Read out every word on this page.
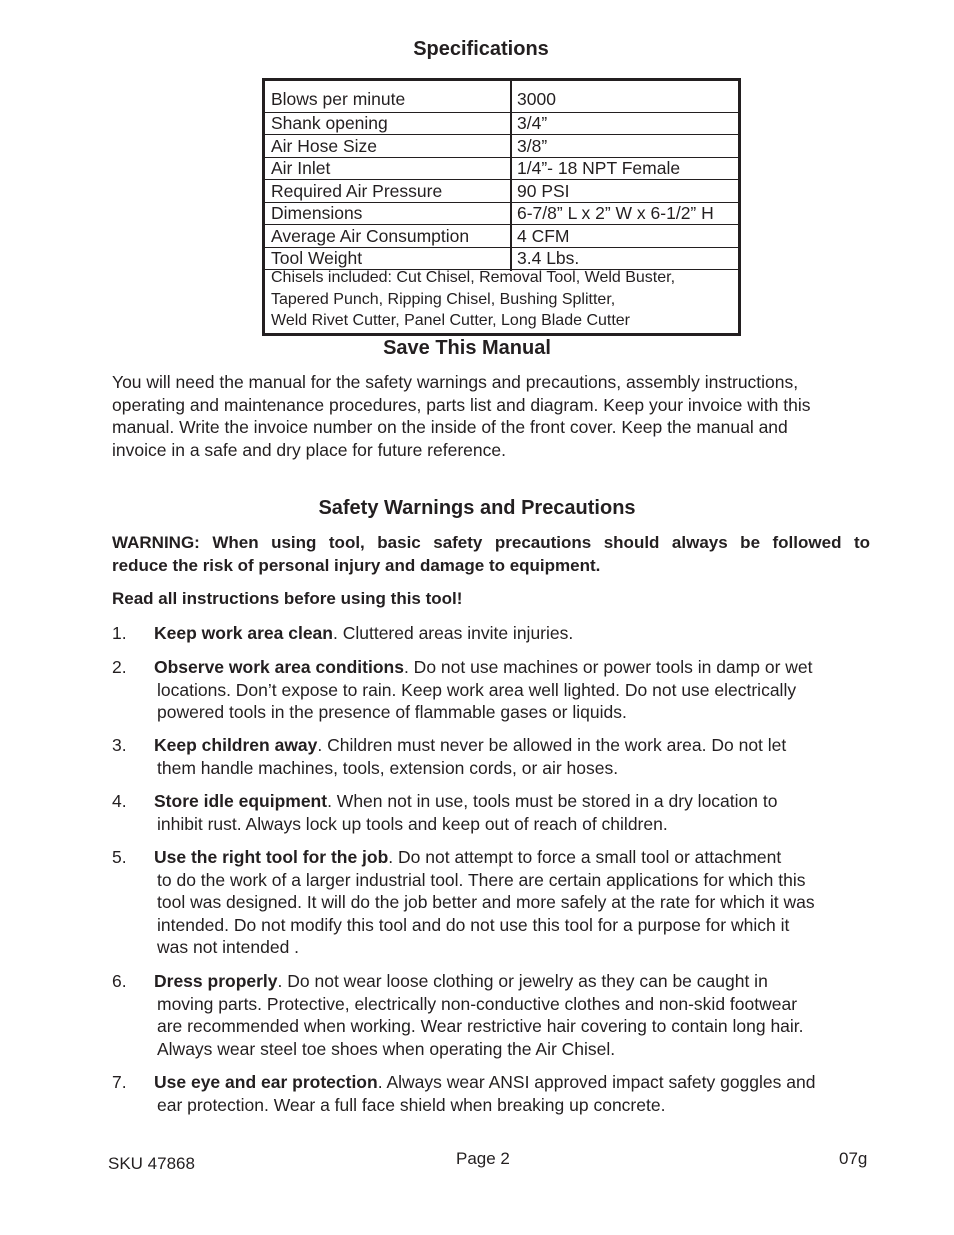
Specifications
Blows per minute	3000
Shank opening	3/4”
Air Hose Size	3/8”
Air Inlet	1/4”- 18 NPT Female
Required Air Pressure	90 PSI
Dimensions	6-7/8” L x 2” W x 6-1/2” H
Average Air Consumption	4 CFM
Tool Weight	3.4 Lbs.
Chisels included: Cut Chisel, Removal Tool, Weld Buster,
Tapered Punch, Ripping Chisel, Bushing Splitter,
Weld Rivet Cutter, Panel Cutter, Long Blade Cutter
Save This Manual
You will need the manual for the safety warnings and precautions, assembly instructions,
operating and maintenance procedures, parts list and diagram. Keep your invoice with this
manual. Write the invoice number on the inside of the front cover. Keep the manual and
invoice in a safe and dry place for future reference.
Safety Warnings and Precautions
WARNING: When using tool, basic safety precautions should always be followed to
reduce the risk of personal injury and damage to equipment.
Read all instructions before using this tool!
1. Keep work area clean. Cluttered areas invite injuries.
2. Observe work area conditions. Do not use machines or power tools in damp or wet
locations. Don’t expose to rain. Keep work area well lighted. Do not use electrically
powered tools in the presence of flammable gases or liquids.
3. Keep children away. Children must never be allowed in the work area. Do not let
them handle machines, tools, extension cords, or air hoses.
4. Store idle equipment. When not in use, tools must be stored in a dry location to
inhibit rust. Always lock up tools and keep out of reach of children.
5. Use the right tool for the job. Do not attempt to force a small tool or attachment
to do the work of a larger industrial tool. There are certain applications for which this
tool was designed. It will do the job better and more safely at the rate for which it was
intended. Do not modify this tool and do not use this tool for a purpose for which it
was not intended .
6. Dress properly. Do not wear loose clothing or jewelry as they can be caught in
moving parts. Protective, electrically non-conductive clothes and non-skid footwear
are recommended when working. Wear restrictive hair covering to contain long hair.
Always wear steel toe shoes when operating the Air Chisel.
7. Use eye and ear protection. Always wear ANSI approved impact safety goggles and
ear protection. Wear a full face shield when breaking up concrete.
SKU 47868	Page 2	07g
